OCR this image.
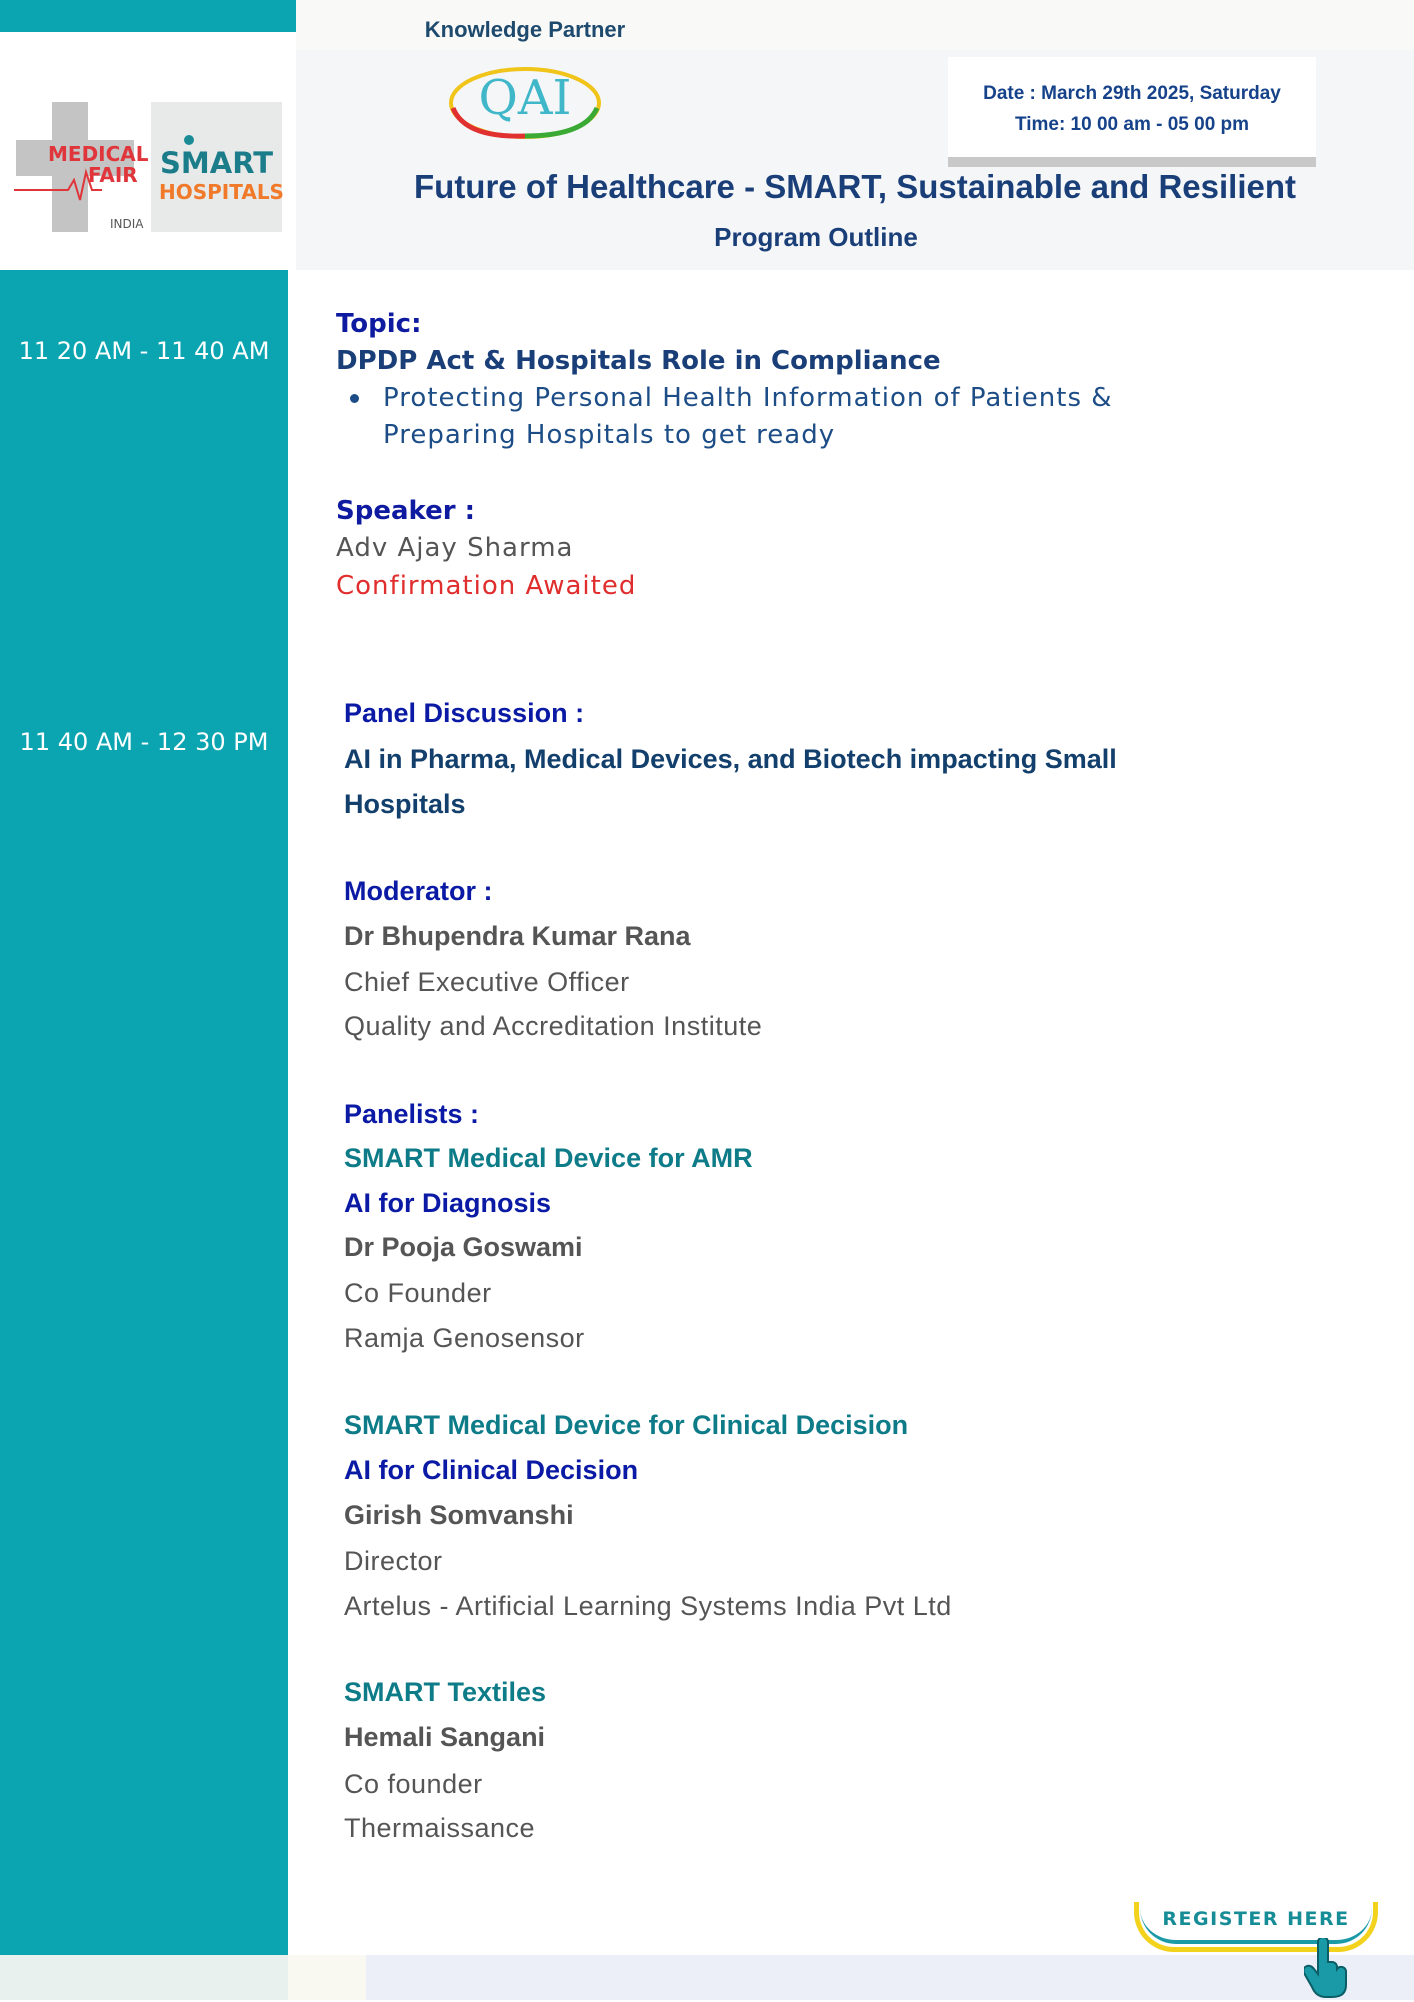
MEDICAL
FAIR
INDIA
SMART
HOSPITALS
Knowledge Partner
QAI	Date : March 29th 2025, Saturday
Time: 10 00 am - 05 00 pm
Future of Healthcare - SMART, Sustainable and Resilient
Program Outline
11 20 AM - 11 40 AM
Topic:
DPDP Act & Hospitals Role in Compliance
Protecting Personal Health Information of Patients &
Preparing Hospitals to get ready
Speaker :
Adv Ajay Sharma
Confirmation Awaited
11 40 AM - 12 30 PM
Panel Discussion :
AI in Pharma, Medical Devices, and Biotech impacting Small
Hospitals
Moderator :
Dr Bhupendra Kumar Rana
Chief Executive Officer
Quality and Accreditation Institute
Panelists :
SMART Medical Device for AMR
AI for Diagnosis
Dr Pooja Goswami
Co Founder
Ramja Genosensor
SMART Medical Device for Clinical Decision
AI for Clinical Decision
Girish Somvanshi
Director
Artelus - Artificial Learning Systems India Pvt Ltd
SMART Textiles
Hemali Sangani
Co founder
Thermaissance
REGISTER HERE
